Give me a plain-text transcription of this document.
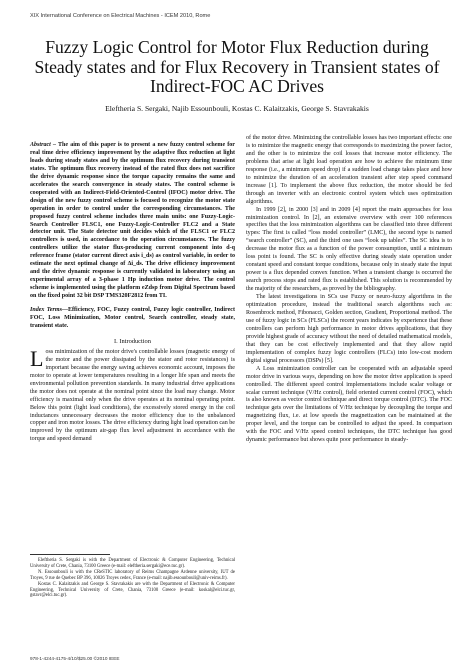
XIX International Conference on Electrical Machines - ICEM 2010, Rome
Fuzzy Logic Control for Motor Flux Reduction during Steady states and for Flux Recovery in Transient states of Indirect-FOC AC Drives
Eleftheria S. Sergaki, Najib Essounbouli, Kostas C. Kalaitzakis, George S. Stavrakakis

Abstract – The aim of this paper is to present a new fuzzy control scheme for real time drive efficiency improvement by the adaptive flux reduction at light loads during steady states and by the optimum flux recovery during transient states. The optimum flux recovery instead of the rated flux does not sacrifice the drive dynamic response since the torque capacity remains the same and accelerates the search convergence in steady states. The control scheme is cooperated with an Indirect-Field-Oriented-Control (IFOC) motor drive. The design of the new fuzzy control scheme is focused to recognize the motor state operation in order to control under the corresponding circumstances. The proposed fuzzy control scheme includes three main units: one Fuzzy-Logic-Search Controller FLSC1, one Fuzzy-Logic-Controller FLC2 and a State detector unit. The State detector unit decides which of the FLSC1 or FLC2 controllers is used, in accordance to the operation circumstances. The fuzzy controllers utilize the stator flux-producing current component into d-q reference frame (stator current direct axis i_ds) as control variable, in order to estimate the next optimal change of Δi_ds. The drive efficiency improvement and the drive dynamic response is currently validated in laboratory using an experimental array of a 3-phase 1 Hp induction motor drive. The control scheme is implemented using the platform eZdsp from Digital Spectrum based on the fixed point 32 bit DSP TMS320F2812 from TI.

Index Terms—Efficiency, FOC, Fuzzy control, Fuzzy logic controller, Indirect FOC, Loss Minimization, Motor control, Search controller, steady state, transient state.

I. Introduction

Loss minimization of the motor drive's controllable losses (magnetic energy of the motor and the power dissipated by the stator and rotor resistances) is important because the energy saving achieves economic account, imposes the motor to operate at lower temperatures resulting in a longer life span and meets the environmental pollution prevention standards. In many industrial drive applications the motor does not operate at the nominal point since the load may change. Motor efficiency is maximal only when the drive operates at its nominal operating point. Below this point (light load conditions), the excessively stored energy in the coil inductances unnecessary decreases the motor efficiency due to the unbalanced copper and iron motor losses. The drive efficiency during light load operation can be improved by the optimum air-gap flux level adjustment in accordance with the torque and speed demand

Eleftheria S. Sergaki is with the Department of Electronic & Computer Engineering, Technical University of Crete, Chania, 73100 Greece (e-mail: eleftheria.sergaki@ece.tuc.gr).

N. Essounbouli is with the CReSTIC laboratory of Reims Champagne Ardenne university, IUT de Troyes, 9 rue de Quebec BP 396, 10026 Troyes cedex, France (e-mail: najib.essounbouli@univ-reims.fr).

Kostas C. Kalaitzakis and George S. Stavrakakis are with the Department of Electronic & Computer Engineering, Technical University of Crete, Chania, 73100 Greece (e-mail: koskal@elci.tuc.gr, gstavr@elci.tuc.gr).

of the motor drive. Minimizing the controllable losses has two important effects: one is to minimize the magnetic energy that corresponds to maximizing the power factor, and the other is to minimize the coil losses that increase motor efficiency. The problems that arise at light load operation are how to achieve the minimum time response (i.e., a minimum speed drop) if a sudden load change takes place and how to minimize the duration of an acceleration transient after step speed command increase [1]. To implement the above flux reduction, the motor should be fed through an inverter with an electronic control system which uses optimization algorithms.

In 1999 [2], in 2000 [3] and in 2009 [4] report the main approaches for loss minimization control. In [2], an extensive overview with over 100 references specifies that the loss minimization algorithms can be classified into three different types: The first is called “loss model controller” (LMC), the second type is named “search controller” (SC), and the third one uses “look up tables”. The SC idea is to decrease the motor flux as a function of the power consumption, until a minimum loss point is found. The SC is only effective during steady state operation under constant speed and constant torque conditions, because only in steady state the input power is a flux depended convex function. When a transient change is occurred the search process stops and rated flux is established. This solution is recommended by the majority of the researchers, as proved by the bibliography.

The latest investigations in SCs use Fuzzy or neuro-fuzzy algorithms in the optimization procedure, instead the traditional search algorithms such as: Rosenbrock method, Fibonacci, Golden section, Gradient, Proportional method. The use of fuzzy logic in SCs (FLSCs) the recent years indicates by experience that these controllers can perform high performance in motor drives applications, that they provide highest grade of accuracy without the need of detailed mathematical models, that they can be cost effectively implemented and that they allow rapid implementation of complex fuzzy logic controllers (FLCs) into low-cost modern digital signal processors (DSPs) [5].

A Loss minimization controller can be cooperated with an adjustable speed motor drive in various ways, depending on how the motor drive application is speed controlled. The different speed control implementations include scalar voltage or scalar current technique (V/Hz control), field oriented current control (FOC), which is also known as vector control technique and direct torque control (DTC). The FOC technique gets over the limitations of V/Hz technique by decoupling the torque and magnetizing flux, i.e. at low speeds the magnetization can be maintained at the proper level, and the torque can be controlled to adjust the speed. In comparison with the FOC and V/Hz speed control techniques, the DTC technique has good dynamic performance but shows quite poor performance in steady-

978-1-4244-4175-4/10/$25.00 ©2010 IEEE
